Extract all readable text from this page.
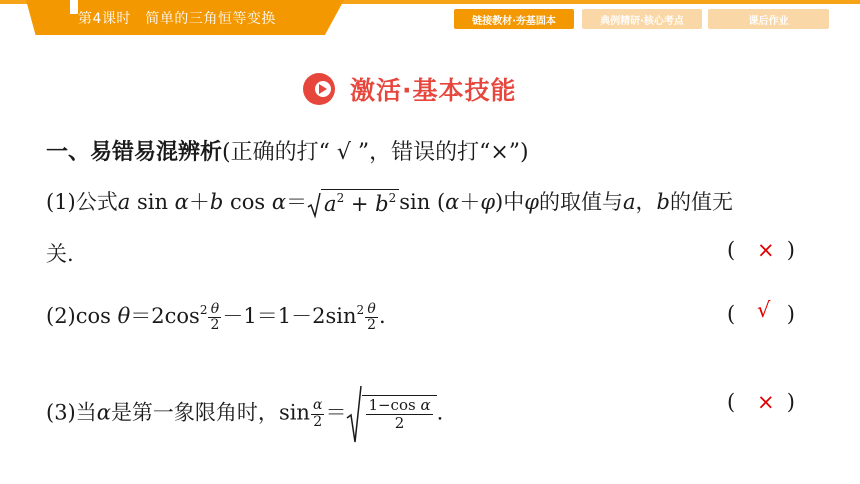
第4课时　简单的三角恒等变换	链接教材·夯基固本	典例精研·核心考点	课后作业
激活·基本技能
一、易错易混辨析(正确的打“ √ ”，错误的打“×”)
(1)公式a sin α＋b $\cos \alpha= a^2 + b^2$ sin (α＋φ)中φ的取值与a，b的值无
关.	( × )
(2)cos $\theta=2\cos^2 \frac{\theta}{2} -1=1-2\sin^2 \frac{\theta}{2}$ .	( √ )
(3)当α是第一象限角时，$\sin \frac{\alpha}{2} = \frac{\text{1−cos α}}{2}$ .	( × )
